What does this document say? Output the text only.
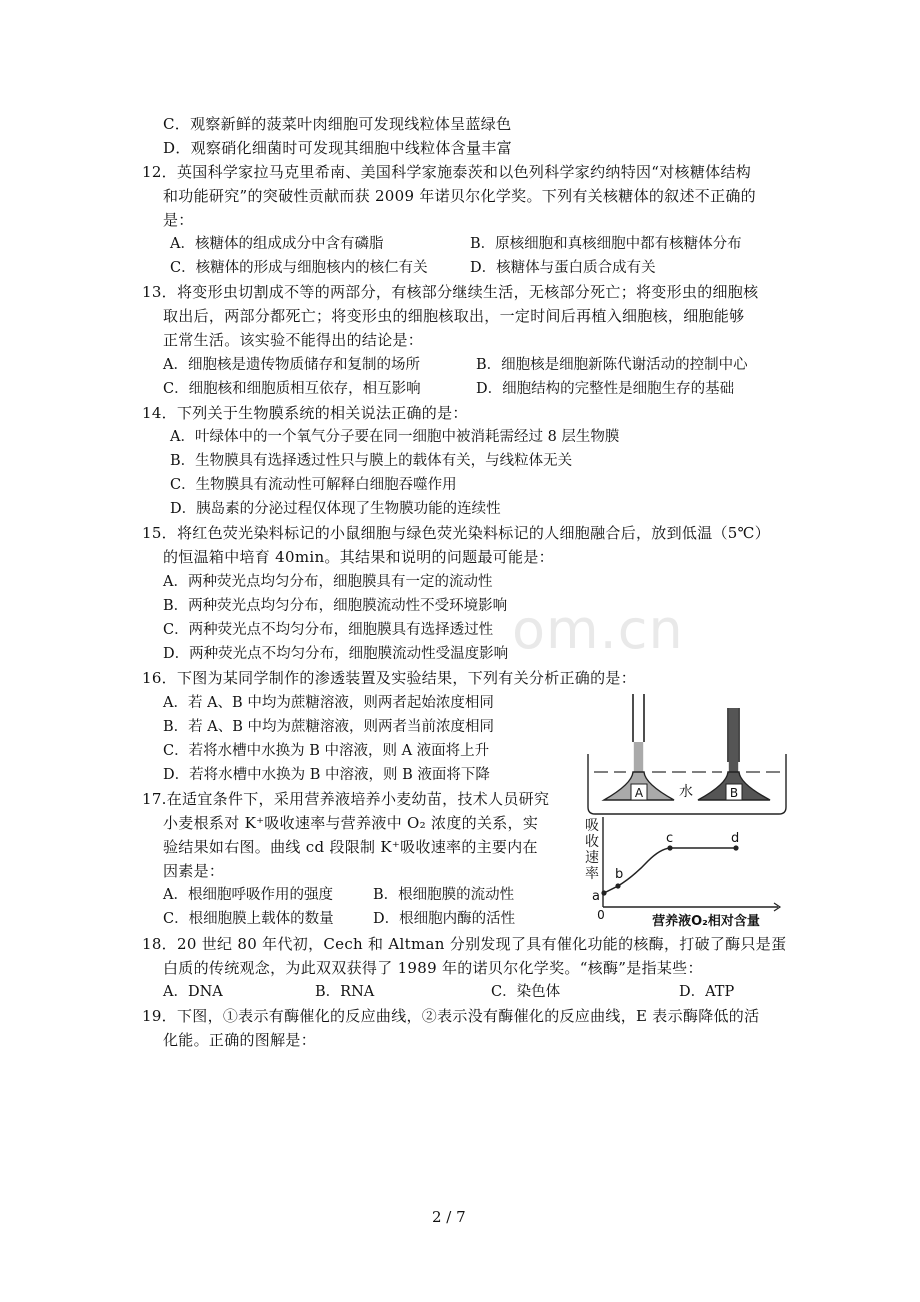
om.cn
C．观察新鲜的菠菜叶肉细胞可发现线粒体呈蓝绿色
D．观察硝化细菌时可发现其细胞中线粒体含量丰富
12．英国科学家拉马克里希南、美国科学家施泰茨和以色列科学家约纳特因“对核糖体结构
和功能研究”的突破性贡献而获 2009 年诺贝尔化学奖。下列有关核糖体的叙述不正确的
是：
A．核糖体的组成成分中含有磷脂	B．原核细胞和真核细胞中都有核糖体分布
C．核糖体的形成与细胞核内的核仁有关	D．核糖体与蛋白质合成有关
13．将变形虫切割成不等的两部分，有核部分继续生活，无核部分死亡；将变形虫的细胞核
取出后，两部分都死亡；将变形虫的细胞核取出，一定时间后再植入细胞核，细胞能够
正常生活。该实验不能得出的结论是：
A．细胞核是遗传物质储存和复制的场所	B．细胞核是细胞新陈代谢活动的控制中心
C．细胞核和细胞质相互依存，相互影响	D．细胞结构的完整性是细胞生存的基础
14．下列关于生物膜系统的相关说法正确的是：
A．叶绿体中的一个氧气分子要在同一细胞中被消耗需经过 8 层生物膜
B．生物膜具有选择透过性只与膜上的载体有关，与线粒体无关
C．生物膜具有流动性可解释白细胞吞噬作用
D．胰岛素的分泌过程仅体现了生物膜功能的连续性
15．将红色荧光染料标记的小鼠细胞与绿色荧光染料标记的人细胞融合后，放到低温（5℃）
的恒温箱中培育 40min。其结果和说明的问题最可能是：
A．两种荧光点均匀分布，细胞膜具有一定的流动性
B．两种荧光点均匀分布，细胞膜流动性不受环境影响
C．两种荧光点不均匀分布，细胞膜具有选择透过性
D．两种荧光点不均匀分布，细胞膜流动性受温度影响
16．下图为某同学制作的渗透装置及实验结果，下列有关分析正确的是：
A．若 A、B 中均为蔗糖溶液，则两者起始浓度相同
B．若 A、B 中均为蔗糖溶液，则两者当前浓度相同
C．若将水槽中水换为 B 中溶液，则 A 液面将上升
D．若将水槽中水换为 B 中溶液，则 B 液面将下降
17.在适宜条件下，采用营养液培养小麦幼苗，技术人员研究
小麦根系对 K⁺吸收速率与营养液中 O₂ 浓度的关系，实
验结果如右图。曲线 cd 段限制 K⁺吸收速率的主要内在
因素是：
A．根细胞呼吸作用的强度	B．根细胞膜的流动性
C．根细胞膜上载体的数量	D．根细胞内酶的活性
18．20 世纪 80 年代初，Cech 和 Altman 分别发现了具有催化功能的核酶，打破了酶只是蛋
白质的传统观念，为此双双获得了 1989 年的诺贝尔化学奖。“核酶”是指某些：
A．DNA	B．RNA	C．染色体	D．ATP
19．下图，①表示有酶催化的反应曲线，②表示没有酶催化的反应曲线，E 表示酶降低的活
化能。正确的图解是：
A	B
水
吸
收
速
率
0	营养液O₂相对含量
a
b
c	d
2 / 7
